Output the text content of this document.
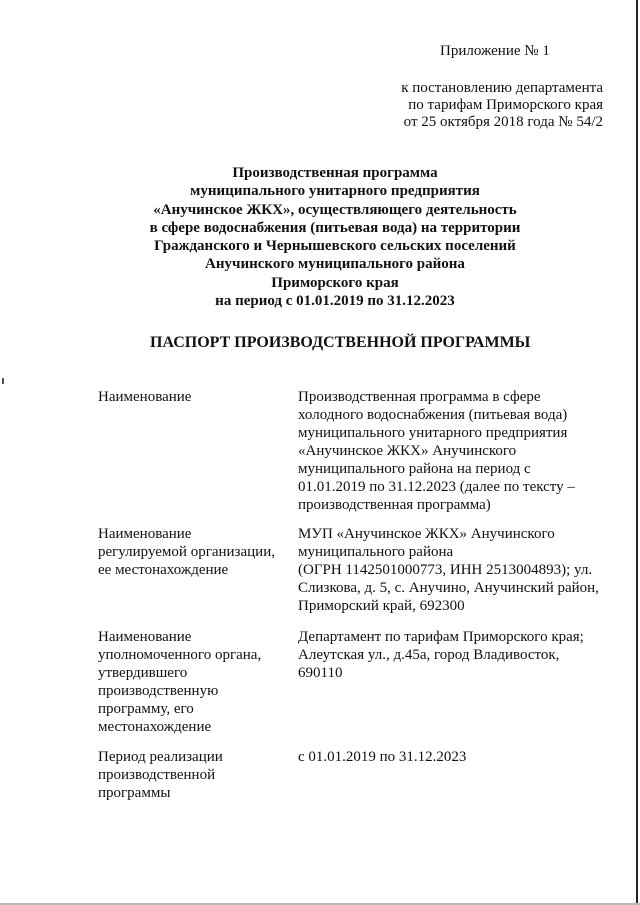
Приложение № 1
к постановлению департамента
по тарифам Приморского края
от 25 октября 2018 года № 54/2
Производственная программа
муниципального унитарного предприятия
«Анучинское ЖКХ», осуществляющего деятельность
в сфере водоснабжения (питьевая вода) на территории
Гражданского и Чернышевского сельских поселений
Анучинского муниципального района
Приморского края
на период с 01.01.2019 по 31.12.2023
ПАСПОРТ ПРОИЗВОДСТВЕННОЙ ПРОГРАММЫ
Наименование	Производственная программа в сфере
холодного водоснабжения (питьевая вода)
муниципального унитарного предприятия
«Анучинское ЖКХ» Анучинского
муниципального района на период с
01.01.2019 по 31.12.2023 (далее по тексту –
производственная программа)
Наименование
регулируемой организации,
ее местонахождение
МУП «Анучинское ЖКХ» Анучинского
муниципального района
(ОГРН 1142501000773, ИНН 2513004893); ул.
Слизкова, д. 5, с. Анучино, Анучинский район,
Приморский край, 692300
Наименование
уполномоченного органа,
утвердившего
производственную
программу, его
местонахождение
Департамент по тарифам Приморского края;
Алеутская ул., д.45а, город Владивосток,
690110
Период реализации
производственной
программы
с 01.01.2019 по 31.12.2023
